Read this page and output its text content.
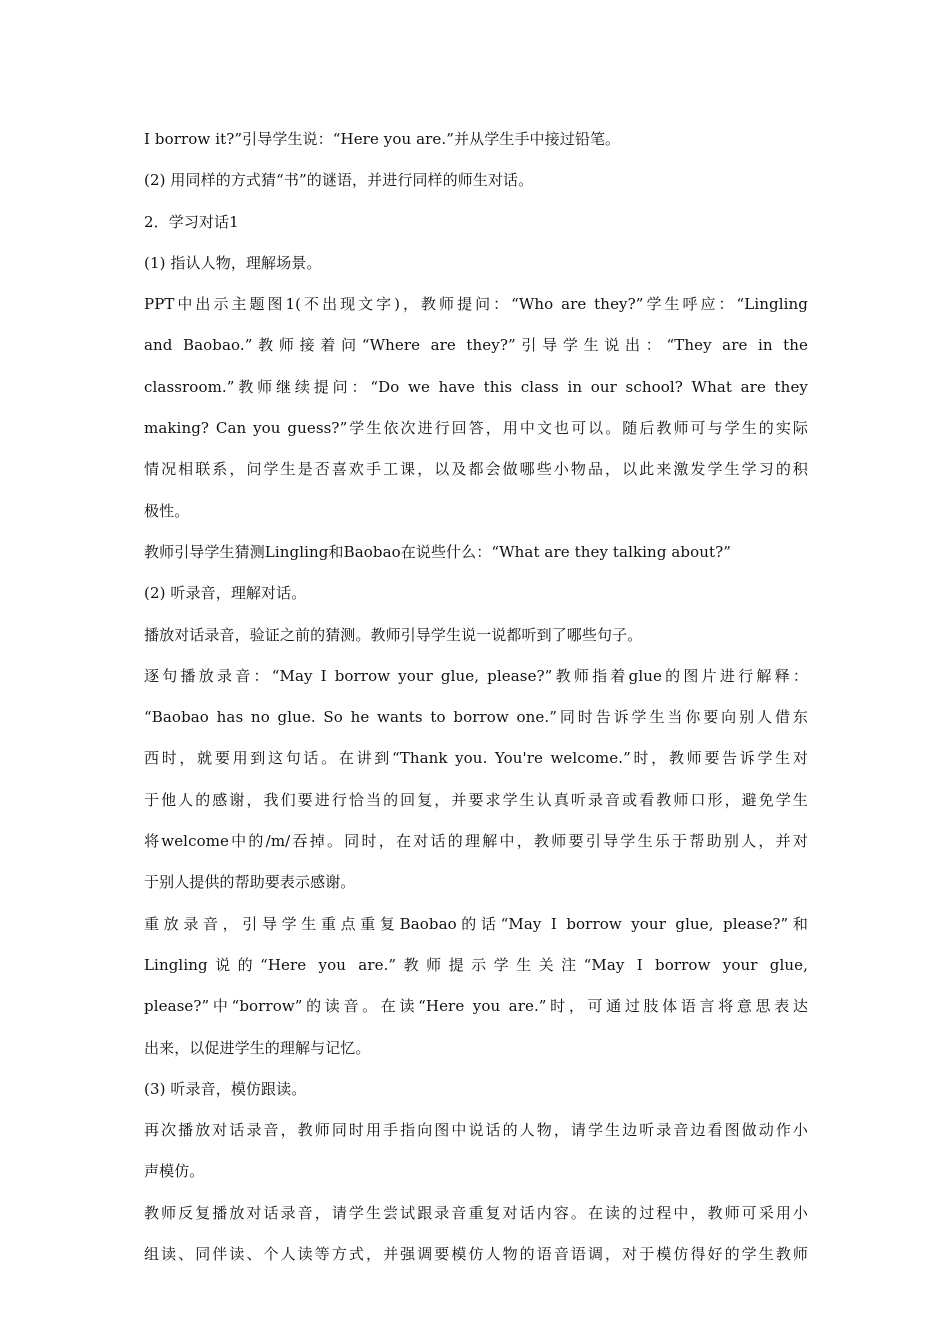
I borrow it?”引导学生说：“Here you are.”并从学生手中接过铅笔。
(2) 用同样的方式猜“书”的谜语，并进行同样的师生对话。
2．学习对话1
(1) 指认人物，理解场景。
PPT中出示主题图1(不出现文字)，教师提问：“Who are they?”学生呼应：“Lingling
and Baobao.”教师接着问“Where are they?”引导学生说出：“They are in the
classroom.”教师继续提问：“Do we have this class in our school? What are they
making? Can you guess?”学生依次进行回答，用中文也可以。随后教师可与学生的实际
情况相联系，问学生是否喜欢手工课，以及都会做哪些小物品，以此来激发学生学习的积
极性。
教师引导学生猜测Lingling和Baobao在说些什么：“What are they talking about?”
(2) 听录音，理解对话。
播放对话录音，验证之前的猜测。教师引导学生说一说都听到了哪些句子。
逐句播放录音：“May I borrow your glue, please?”教师指着glue的图片进行解释：
“Baobao has no glue. So he wants to borrow one.”同时告诉学生当你要向别人借东
西时，就要用到这句话。在讲到“Thank you. You're welcome.”时，教师要告诉学生对
于他人的感谢，我们要进行恰当的回复，并要求学生认真听录音或看教师口形，避免学生
将welcome中的/m/吞掉。同时，在对话的理解中，教师要引导学生乐于帮助别人，并对
于别人提供的帮助要表示感谢。
重放录音，引导学生重点重复Baobao的话“May I borrow your glue, please?”和
Lingling说的“Here you are.”教师提示学生关注“May I borrow your glue,
please?”中“borrow”的读音。在读“Here you are.”时，可通过肢体语言将意思表达
出来，以促进学生的理解与记忆。
(3) 听录音，模仿跟读。
再次播放对话录音，教师同时用手指向图中说话的人物，请学生边听录音边看图做动作小
声模仿。
教师反复播放对话录音，请学生尝试跟录音重复对话内容。在读的过程中，教师可采用小
组读、同伴读、个人读等方式，并强调要模仿人物的语音语调，对于模仿得好的学生教师
